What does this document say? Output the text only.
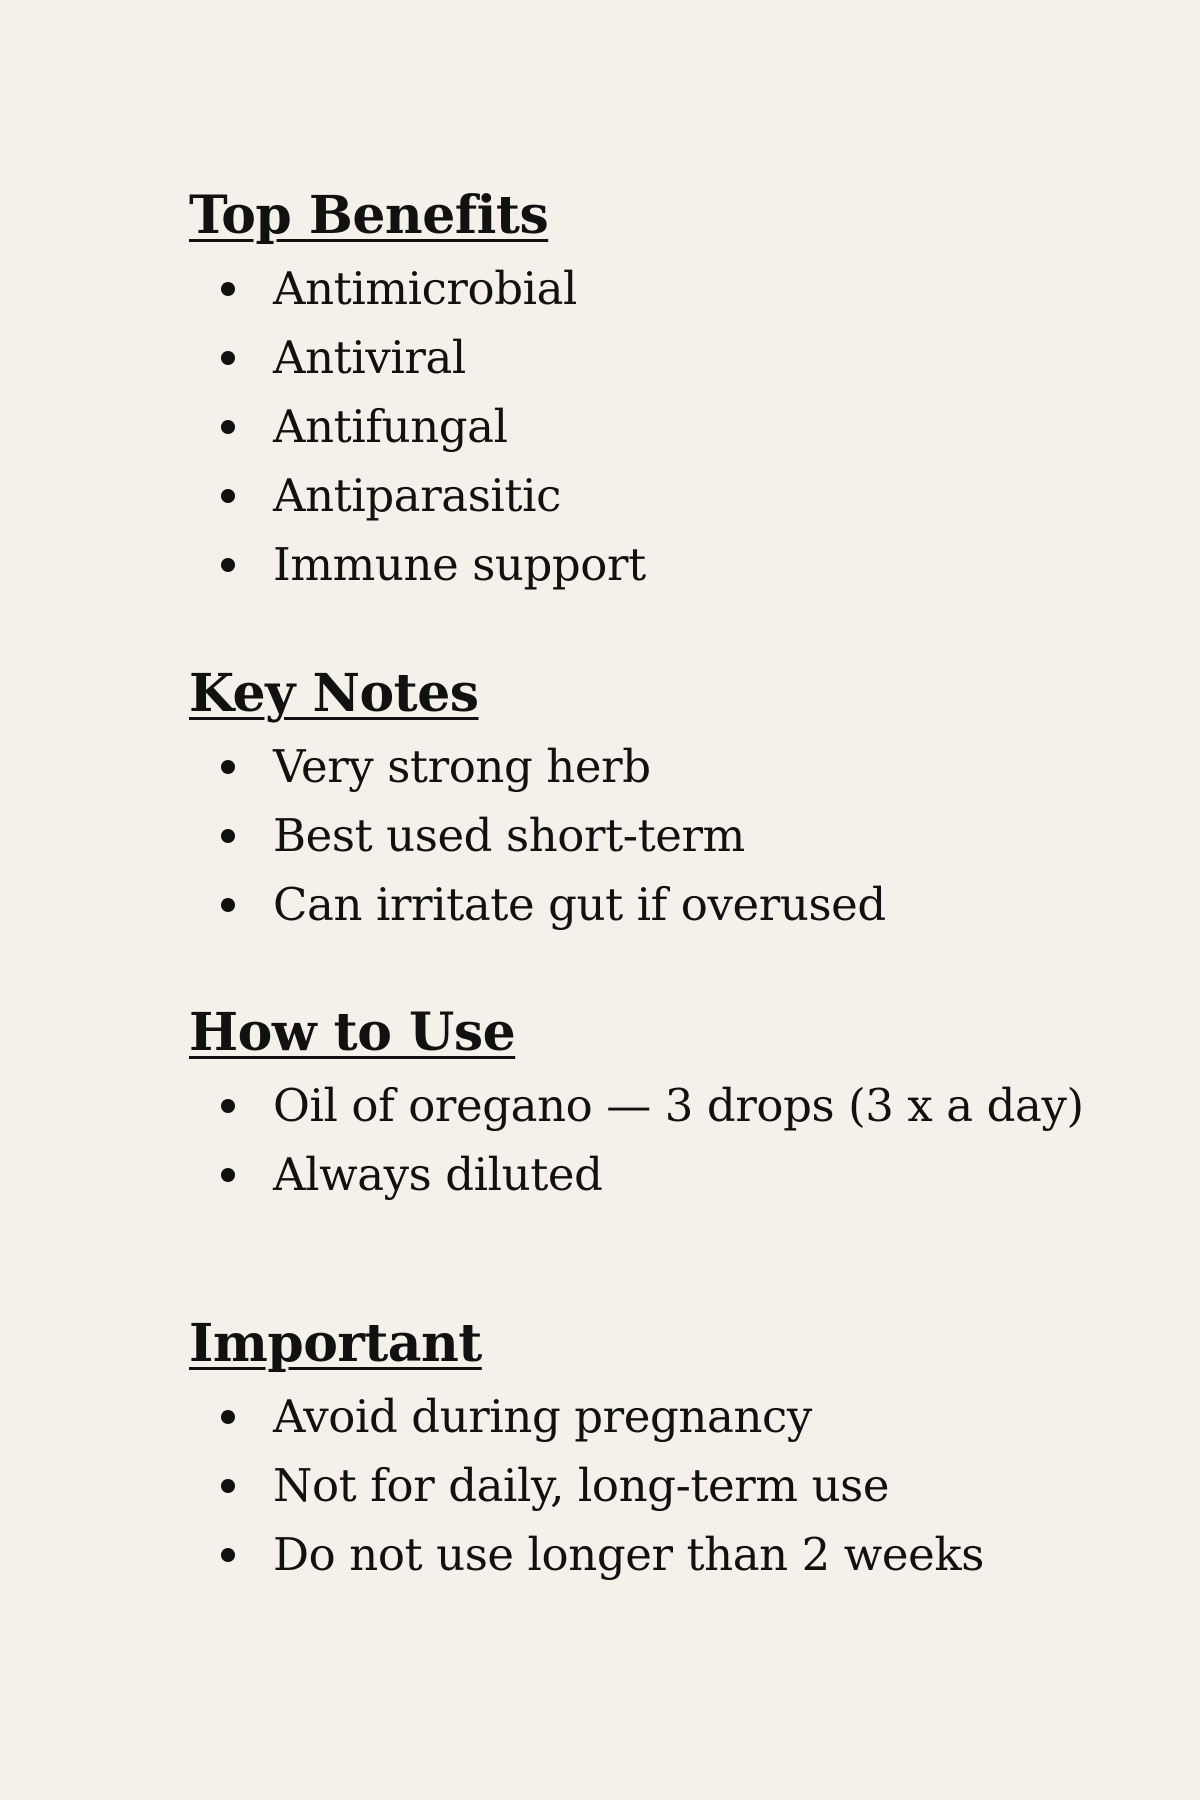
Top Benefits
Antimicrobial
Antiviral
Antifungal
Antiparasitic
Immune support
Key Notes
Very strong herb
Best used short-term
Can irritate gut if overused
How to Use
Oil of oregano — 3 drops (3 x a day)
Always diluted
Important
Avoid during pregnancy
Not for daily, long-term use
Do not use longer than 2 weeks
